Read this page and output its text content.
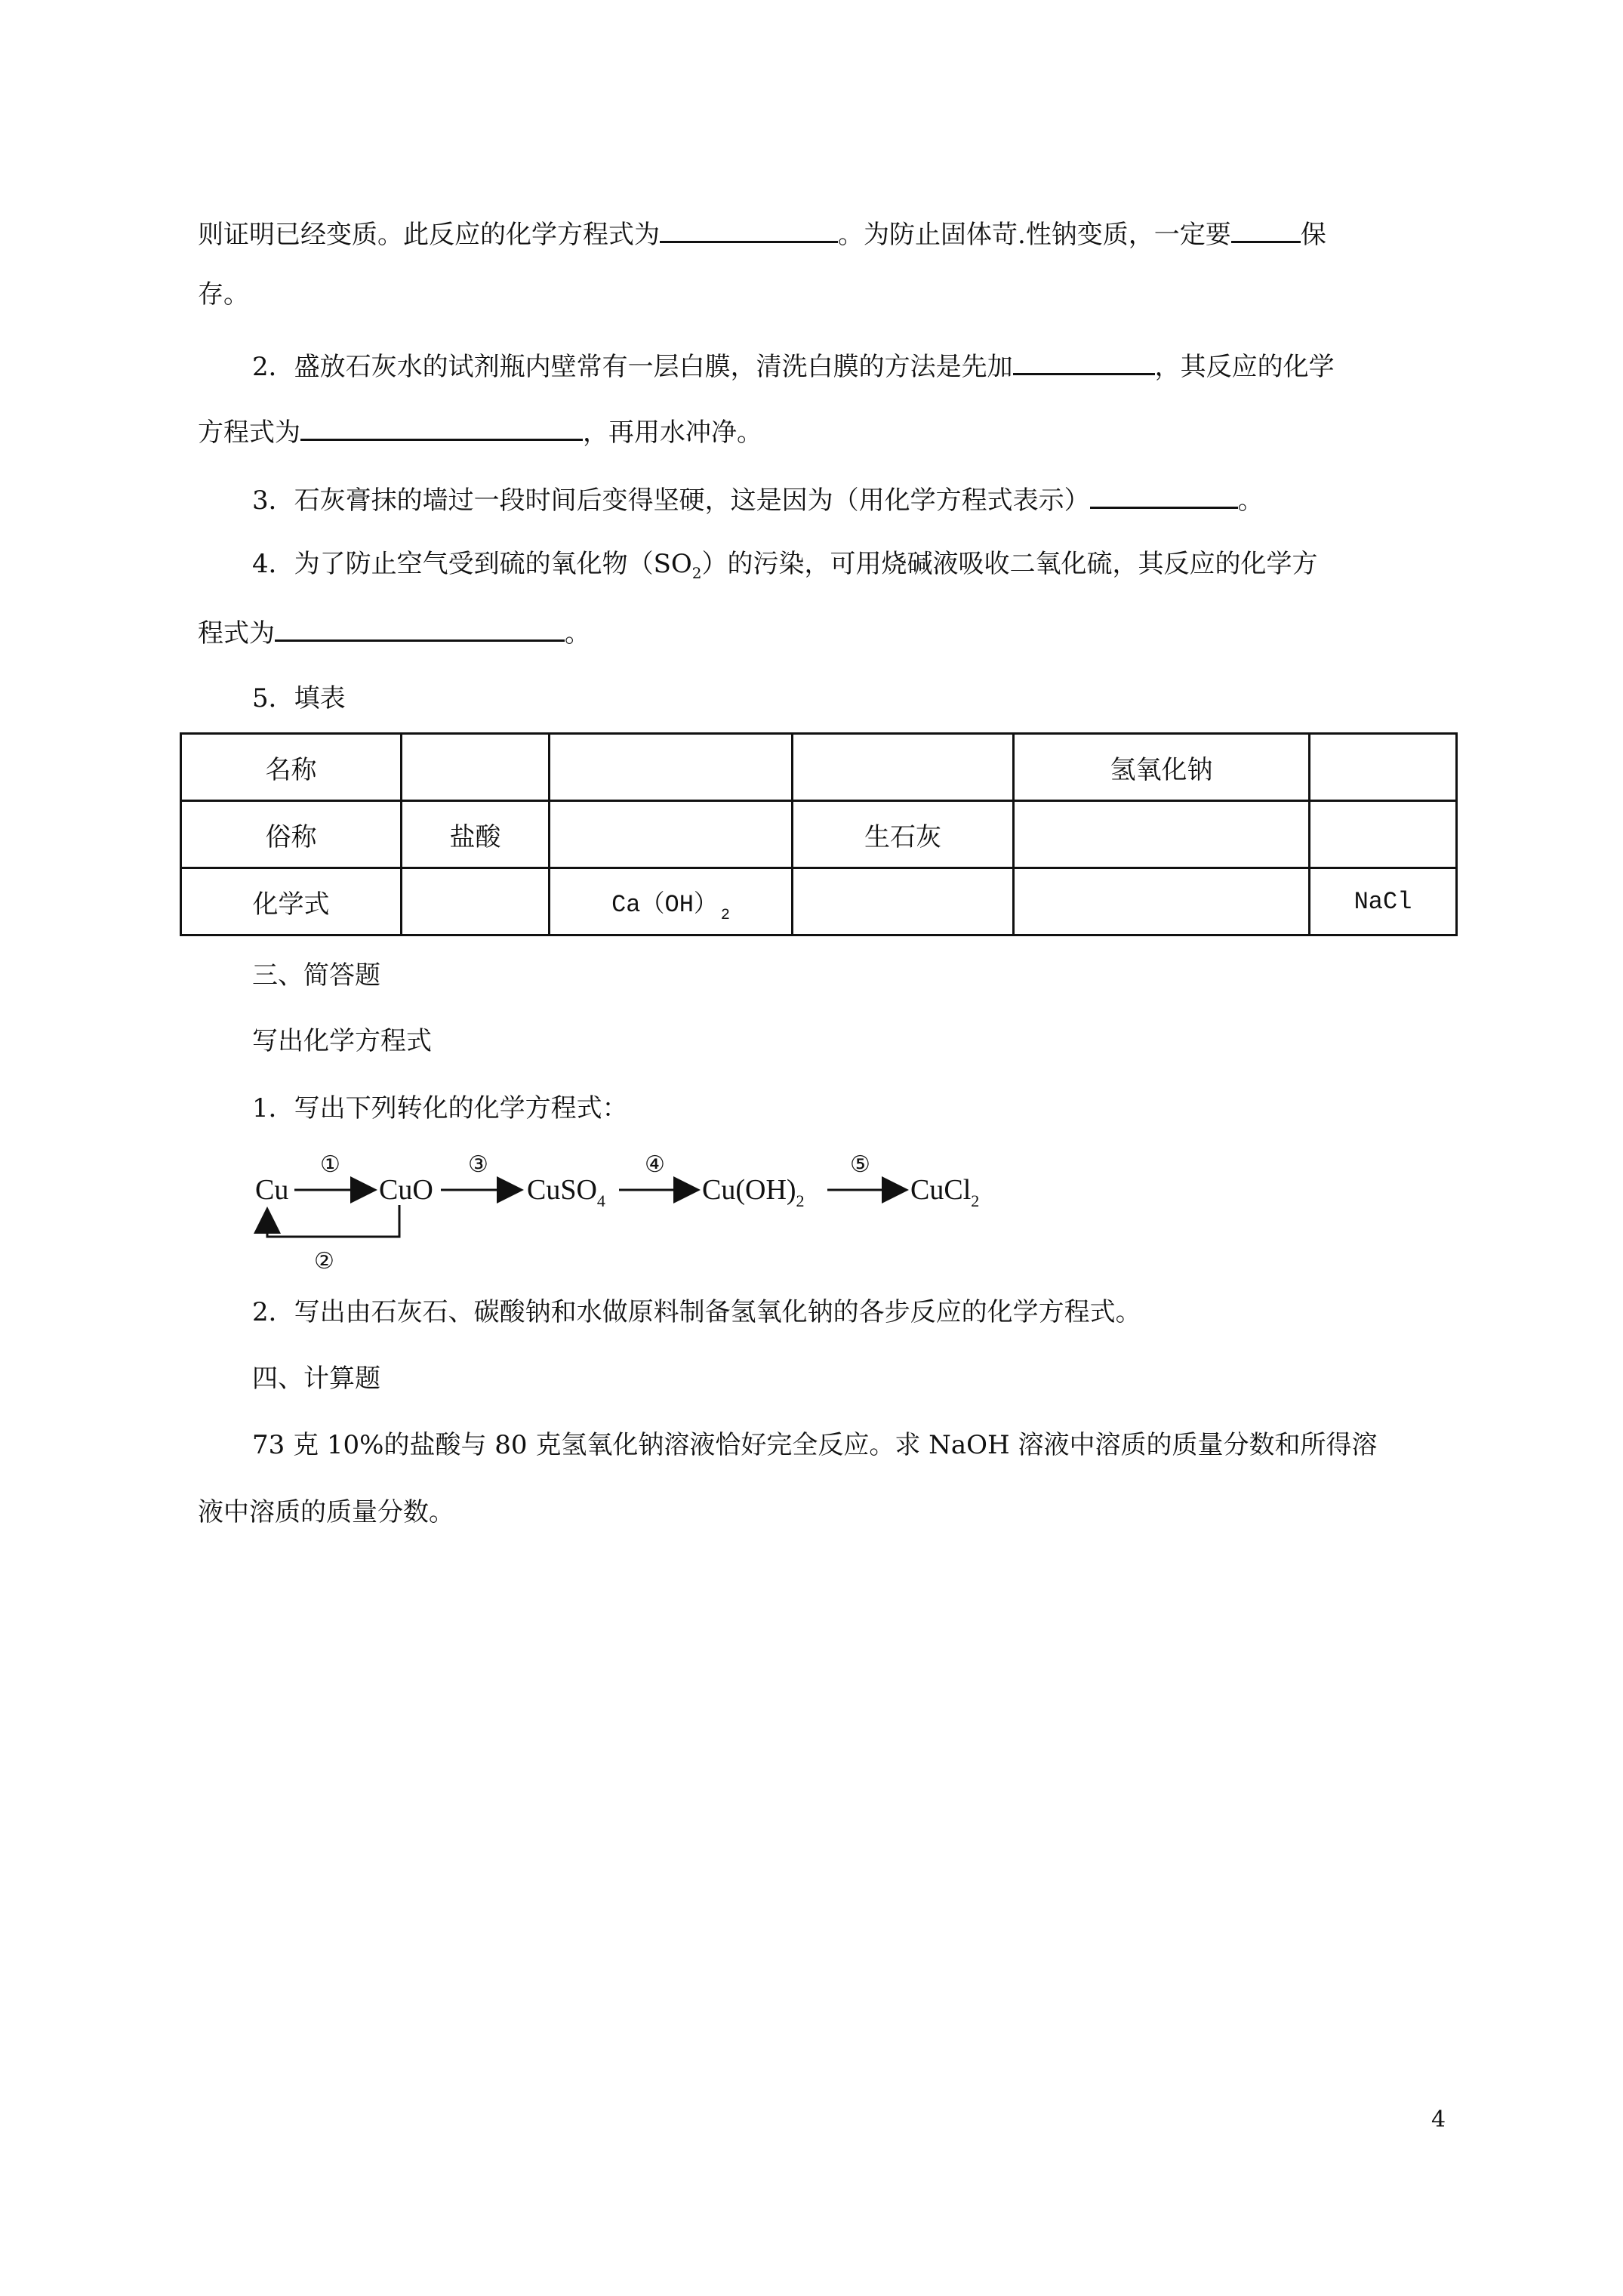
则证明已经变质。此反应的化学方程式为	。为防止固体苛.性钠变质，一定要	保
存。
2．盛放石灰水的试剂瓶内壁常有一层白膜，清洗白膜的方法是先加	，其反应的化学
方程式为	，再用水冲净。
3．石灰膏抹的墙过一段时间后变得坚硬，这是因为（用化学方程式表示）	。
4．为了防止空气受到硫的氧化物$(SO_2)$的污染，可用烧碱液吸收二氧化硫，其反应的化学方
程式为	。
5．填表
名称				氢氧化钠	
俗称	盐酸		生石灰		
化学式		Ca（OH） $_2$			NaCl
三、简答题
写出化学方程式
1．写出下列转化的化学方程式：
Cu	CuO	CuSO$_4$	$Cu(OH)_2$	CuCl$_2$
①	③	④	⑤
②
2．写出由石灰石、碳酸钠和水做原料制备氢氧化钠的各步反应的化学方程式。
四、计算题
73 克 10%的盐酸与 80 克氢氧化钠溶液恰好完全反应。求 NaOH 溶液中溶质的质量分数和所得溶
液中溶质的质量分数。
4
